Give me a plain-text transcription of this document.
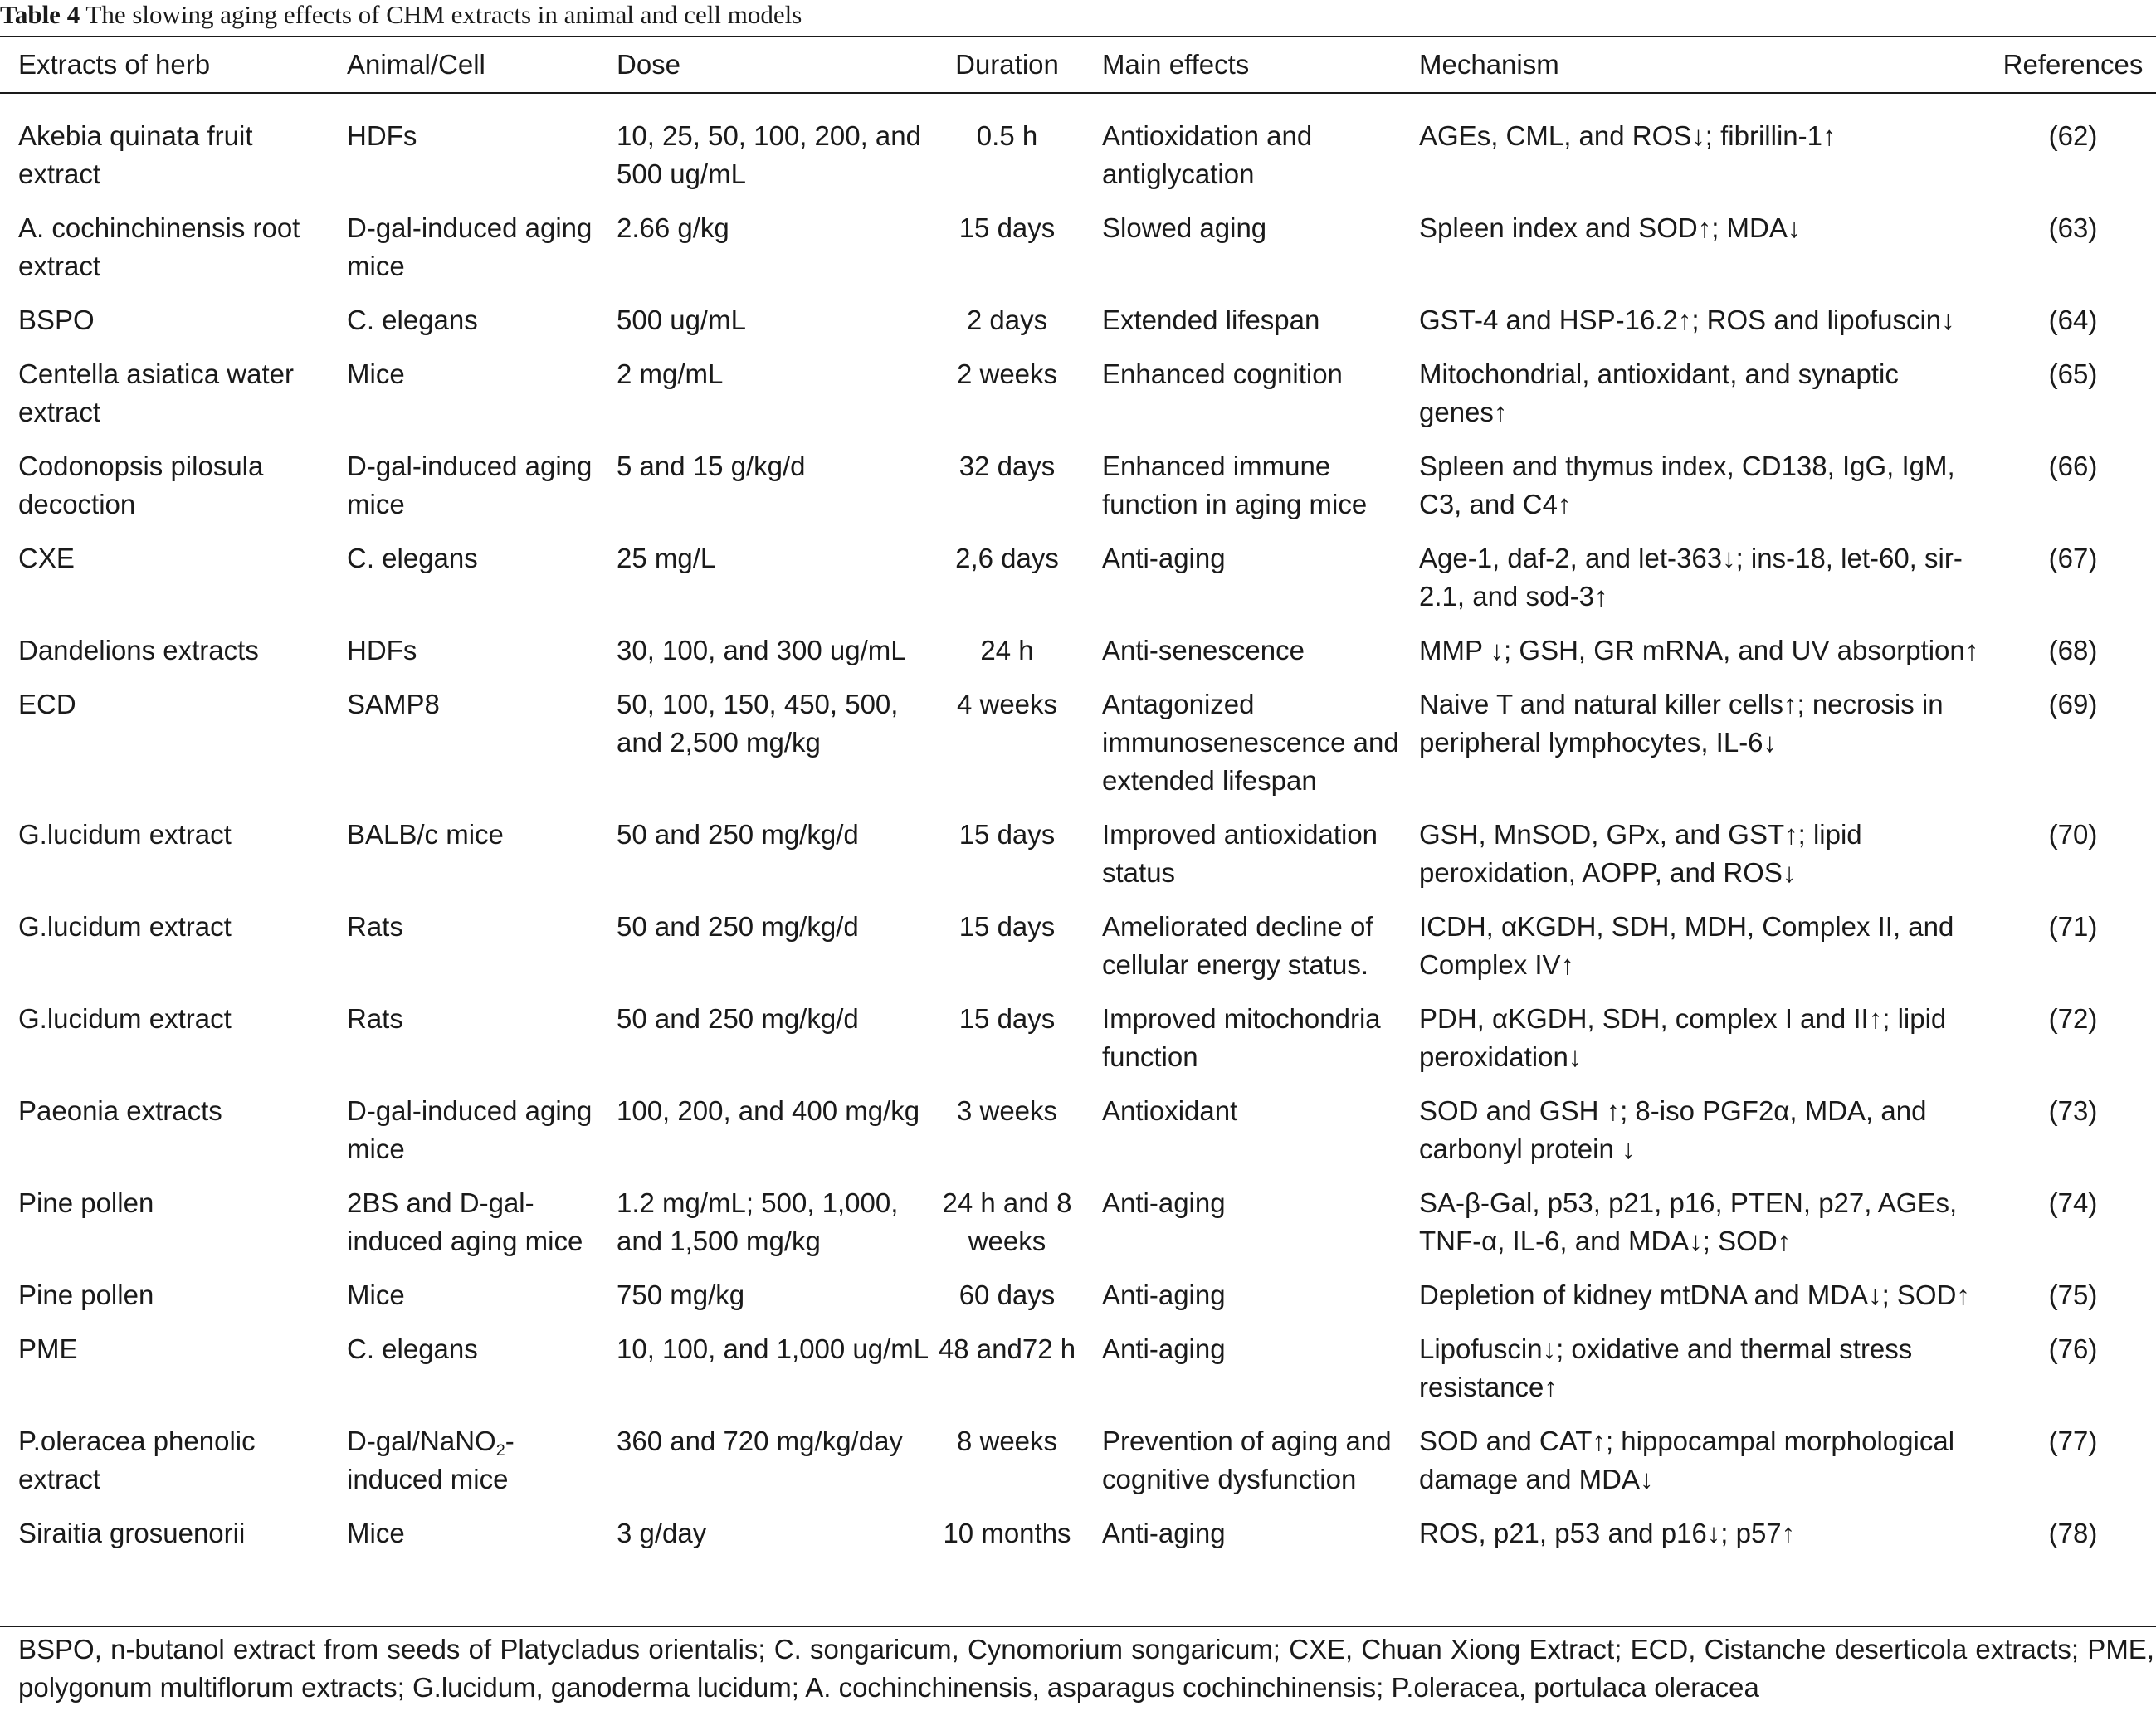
Table 4 The slowing aging effects of CHM extracts in animal and cell models
Extracts of herb	Animal/Cell	Dose	Duration	Main effects	Mechanism	References
Akebia quinata fruit extract	HDFs	10, 25, 50, 100, 200, and 500 ug/mL	0.5 h	Antioxidation and antiglycation	AGEs, CML, and ROS↓; fibrillin-1↑	(62)
A. cochinchinensis root extract	D-gal-induced aging mice	2.66 g/kg	15 days	Slowed aging	Spleen index and SOD↑; MDA↓	(63)
BSPO	C. elegans	500 ug/mL	2 days	Extended lifespan	GST-4 and HSP-16.2↑; ROS and lipofuscin↓	(64)
Centella asiatica water extract	Mice	2 mg/mL	2 weeks	Enhanced cognition	Mitochondrial, antioxidant, and synaptic genes↑	(65)
Codonopsis pilosula decoction	D-gal-induced aging mice	5 and 15 g/kg/d	32 days	Enhanced immune function in aging mice	Spleen and thymus index, CD138, IgG, IgM, C3, and C4↑	(66)
CXE	C. elegans	25 mg/L	2,6 days	Anti-aging	Age-1, daf-2, and let-363↓; ins-18, let-60, sir-2.1, and sod-3↑	(67)
Dandelions extracts	HDFs	30, 100, and 300 ug/mL	24 h	Anti-senescence	MMP ↓; GSH, GR mRNA, and UV absorption↑	(68)
ECD	SAMP8	50, 100, 150, 450, 500, and 2,500 mg/kg	4 weeks	Antagonized immunosenescence and extended lifespan	Naive T and natural killer cells↑; necrosis in peripheral lymphocytes, IL-6↓	(69)
G.lucidum extract	BALB/c mice	50 and 250 mg/kg/d	15 days	Improved antioxidation status	GSH, MnSOD, GPx, and GST↑; lipid peroxidation, AOPP, and ROS↓	(70)
G.lucidum extract	Rats	50 and 250 mg/kg/d	15 days	Ameliorated decline of cellular energy status.	ICDH, αKGDH, SDH, MDH, Complex II, and Complex IV↑	(71)
G.lucidum extract	Rats	50 and 250 mg/kg/d	15 days	Improved mitochondria function	PDH, αKGDH, SDH, complex I and II↑; lipid peroxidation↓	(72)
Paeonia extracts	D-gal-induced aging mice	100, 200, and 400 mg/kg	3 weeks	Antioxidant	SOD and GSH ↑; 8-iso PGF2α, MDA, and carbonyl protein ↓	(73)
Pine pollen	2BS and D-gal-induced aging mice	1.2 mg/mL; 500, 1,000, and 1,500 mg/kg	24 h and 8 weeks	Anti-aging	SA-β-Gal, p53, p21, p16, PTEN, p27, AGEs, TNF-α, IL-6, and MDA↓; SOD↑	(74)
Pine pollen	Mice	750 mg/kg	60 days	Anti-aging	Depletion of kidney mtDNA and MDA↓; SOD↑	(75)
PME	C. elegans	10, 100, and 1,000 ug/mL	48 and72 h	Anti-aging	Lipofuscin↓; oxidative and thermal stress resistance↑	(76)
P.oleracea phenolic extract	D-gal/NaNO$_2$-induced mice	360 and 720 mg/kg/day	8 weeks	Prevention of aging and cognitive dysfunction	SOD and CAT↑; hippocampal morphological damage and MDA↓	(77)
Siraitia grosuenorii	Mice	3 g/day	10 months	Anti-aging	ROS, p21, p53 and p16↓; p57↑	(78)
BSPO, n-butanol extract from seeds of Platycladus orientalis; C. songaricum, Cynomorium songaricum; CXE, Chuan Xiong Extract; ECD, Cistanche deserticola extracts; PME, polygonum multiflorum extracts; G.lucidum, ganoderma lucidum; A. cochinchinensis, asparagus cochinchinensis; P.oleracea, portulaca oleracea
